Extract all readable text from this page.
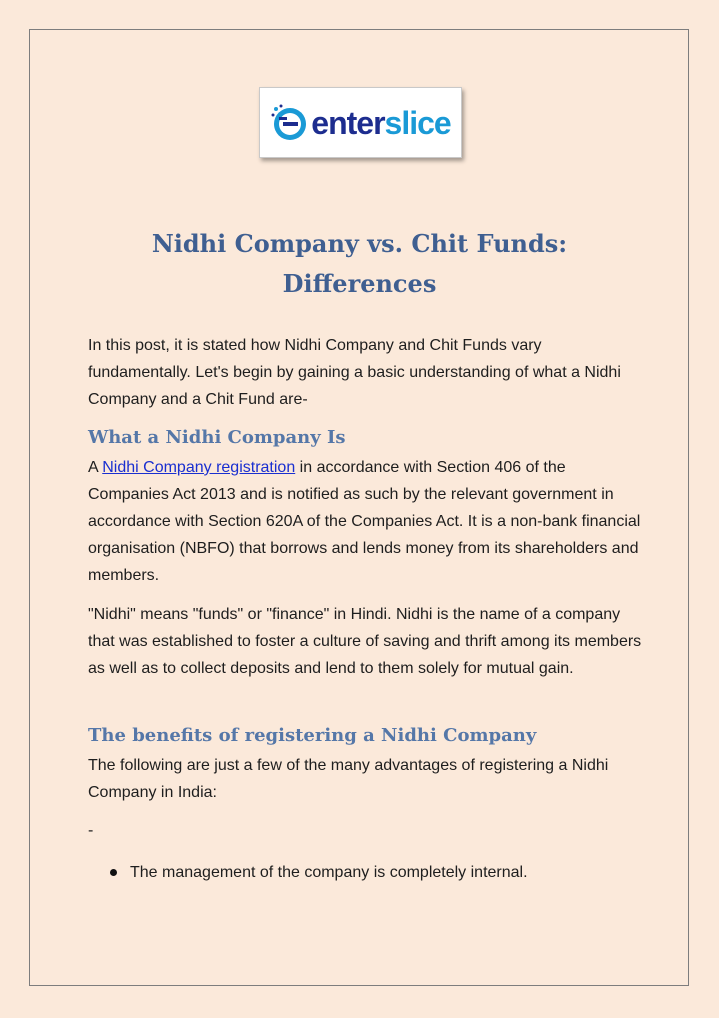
enterslice
Nidhi Company vs. Chit Funds:
Differences

In this post, it is stated how Nidhi Company and Chit Funds vary fundamentally. Let's begin by gaining a basic understanding of what a Nidhi Company and a Chit Fund are-

What a Nidhi Company Is

A Nidhi Company registration in accordance with Section 406 of the Companies Act 2013 and is notified as such by the relevant government in accordance with Section 620A of the Companies Act. It is a non-bank financial organisation (NBFO) that borrows and lends money from its shareholders and members.

"Nidhi" means "funds" or "finance" in Hindi. Nidhi is the name of a company that was established to foster a culture of saving and thrift among its members as well as to collect deposits and lend to them solely for mutual gain.

The benefits of registering a Nidhi Company

The following are just a few of the many advantages of registering a Nidhi Company in India:

-

The management of the company is completely internal.
